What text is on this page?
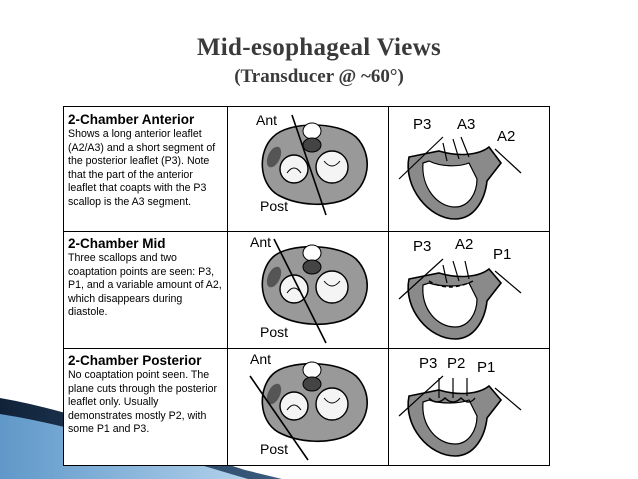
Mid-esophageal Views
(Transducer @ ~60°)
2-Chamber Anterior

Shows a long anterior leaflet (A2/A3) and a short segment of the posterior leaflet (P3). Note that the part of the anterior leaflet that coapts with the P3 scallop is the A3 segment.

Ant
Post
P3 A3
A2
2-Chamber Mid

Three scallops and two coaptation points are seen: P3, P1, and a variable amount of A2, which disappears during diastole.

Ant
Post
P3 A2
P1
2-Chamber Posterior

No coaptation point seen. The plane cuts through the posterior leaflet only. Usually demonstrates mostly P2, with some P1 and P3.

Ant
Post
P3 P2 P1
